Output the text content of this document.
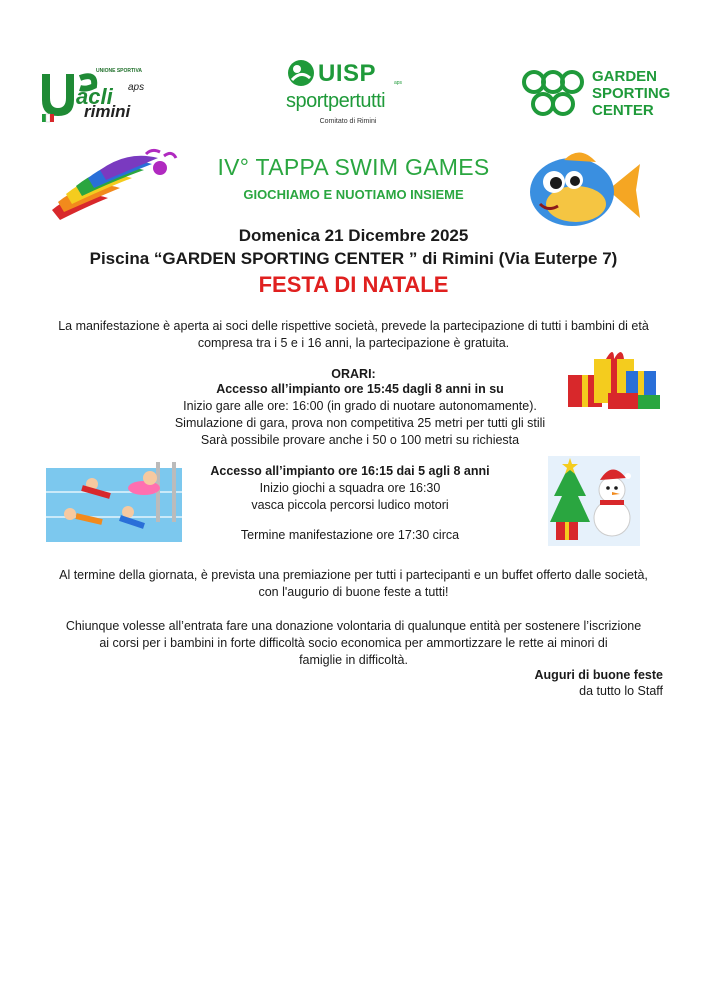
acli
UNIONE SPORTIVA
aps
rimini
UISP	aps
sportpertutti
Comitato di Rimini
GARDEN
SPORTING
CENTER
IV° TAPPA SWIM GAMES
GIOCHIAMO E NUOTIAMO INSIEME
Domenica 21 Dicembre 2025
Piscina “GARDEN SPORTING CENTER ” di Rimini (Via Euterpe 7)
FESTA DI NATALE
La manifestazione è aperta ai soci delle rispettive società, prevede la partecipazione di tutti i bambini di età
compresa tra i 5 e i 16 anni, la partecipazione è gratuita.
ORARI:
Accesso all’impianto ore 15:45 dagli 8 anni in su
Inizio gare alle ore: 16:00 (in grado di nuotare autonomamente).
Simulazione di gara, prova non competitiva 25 metri per tutti gli stili
Sarà possibile provare anche i 50 o 100 metri su richiesta
Accesso all’impianto ore 16:15 dai 5 agli 8 anni
Inizio giochi a squadra ore 16:30
vasca piccola percorsi ludico motori
Termine manifestazione ore 17:30 circa
Al termine della giornata, è prevista una premiazione per tutti i partecipanti e un buffet offerto dalle società,
con l'augurio di buone feste a tutti!
Chiunque volesse all’entrata fare una donazione volontaria di qualunque entità per sostenere l’iscrizione
ai corsi per i bambini in forte difficoltà socio economica per ammortizzare le rette ai minori di
famiglie in difficoltà.
Auguri di buone feste
da tutto lo Staff
